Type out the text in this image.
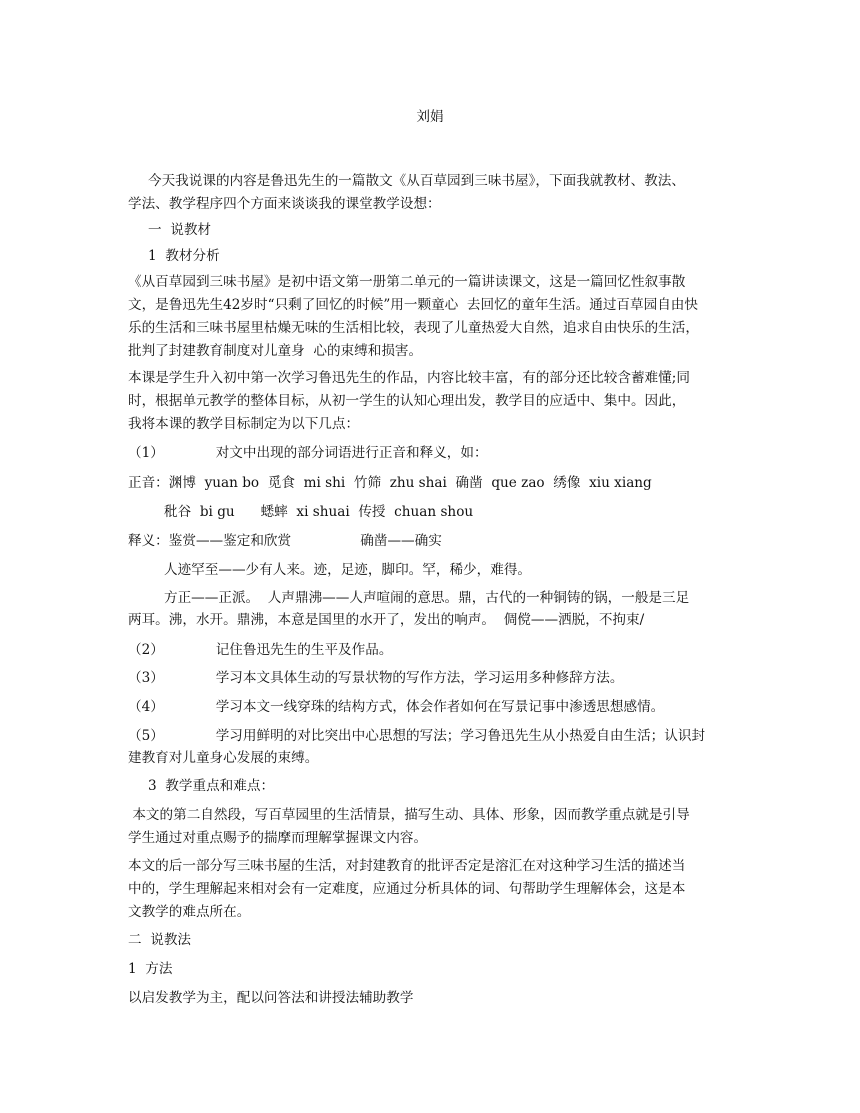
刘娟
今天我说课的内容是鲁迅先生的一篇散文《从百草园到三味书屋》，下面我就教材、教法、
学法、教学程序四个方面来谈谈我的课堂教学设想：
一  说教材
1  教材分析
《从百草园到三味书屋》是初中语文第一册第二单元的一篇讲读课文，这是一篇回忆性叙事散
文，是鲁迅先生42岁时“只剩了回忆的时候”用一颗童心  去回忆的童年生活。通过百草园自由快
乐的生活和三味书屋里枯燥无味的生活相比较，表现了儿童热爱大自然，追求自由快乐的生活，
批判了封建教育制度对儿童身  心的束缚和损害。
本课是学生升入初中第一次学习鲁迅先生的作品，内容比较丰富，有的部分还比较含蓄难懂;同
时，根据单元教学的整体目标，从初一学生的认知心理出发，教学目的应适中、集中。因此，
我将本课的教学目标制定为以下几点：
（1）            对文中出现的部分词语进行正音和释义，如：
正音：渊博  yuan bo  觅食  mi shi  竹筛  zhu shai  确凿  que zao  绣像  xiu xiang
秕谷  bi gu      蟋蟀  xi shuai  传授  chuan shou
释义：鉴赏——鉴定和欣赏                确凿——确实
人迹罕至——少有人来。迹，足迹，脚印。罕，稀少，难得。
方正——正派。  人声鼎沸——人声喧闹的意思。鼎，古代的一种铜铸的锅，一般是三足
两耳。沸，水开。鼎沸，本意是国里的水开了，发出的响声。  倜傥——洒脱，不拘束/
（2）            记住鲁迅先生的生平及作品。
（3）            学习本文具体生动的写景状物的写作方法，学习运用多种修辞方法。
（4）            学习本文一线穿珠的结构方式，体会作者如何在写景记事中渗透思想感情。
（5）            学习用鲜明的对比突出中心思想的写法；学习鲁迅先生从小热爱自由生活；认识封
建教育对儿童身心发展的束缚。
3  教学重点和难点：
本文的第二自然段，写百草园里的生活情景，描写生动、具体、形象，因而教学重点就是引导
学生通过对重点赐予的揣摩而理解掌握课文内容。
本文的后一部分写三味书屋的生活，对封建教育的批评否定是溶汇在对这种学习生活的描述当
中的，学生理解起来相对会有一定难度，应通过分析具体的词、句帮助学生理解体会，这是本
文教学的难点所在。
二  说教法
1  方法
以启发教学为主，配以问答法和讲授法辅助教学
